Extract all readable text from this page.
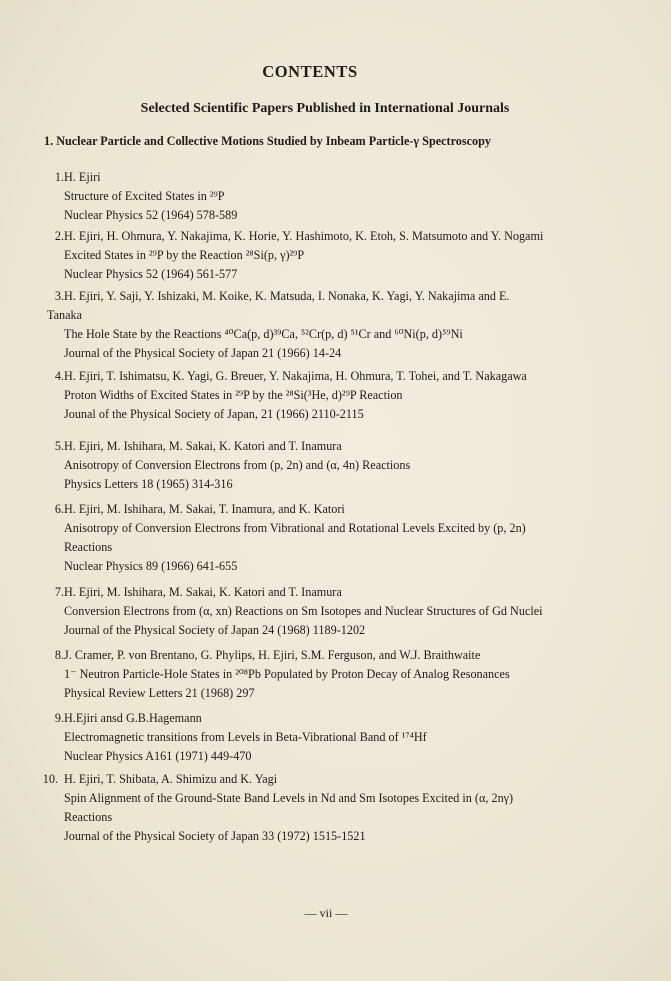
CONTENTS
Selected Scientific Papers Published in International Journals
1. Nuclear Particle and Collective Motions Studied by Inbeam Particle-γ Spectroscopy
1. H. Ejiri
Structure of Excited States in ²⁹P
Nuclear Physics 52 (1964) 578-589
2. H. Ejiri, H. Ohmura, Y. Nakajima, K. Horie, Y. Hashimoto, K. Etoh, S. Matsumoto and Y. Nogami
Excited States in ²⁹P by the Reaction ²⁸Si(p, γ)²⁹P
Nuclear Physics 52 (1964) 561-577
3. H. Ejiri, Y. Saji, Y. Ishizaki, M. Koike, K. Matsuda, I. Nonaka, K. Yagi, Y. Nakajima and E.
Tanaka
The Hole State by the Reactions ⁴⁰Ca(p, d)³⁹Ca, ⁵²Cr(p, d) ⁵¹Cr and ⁶⁰Ni(p, d)⁵⁹Ni
Journal of the Physical Society of Japan 21 (1966) 14-24
4. H. Ejiri, T. Ishimatsu, K. Yagi, G. Breuer, Y. Nakajima, H. Ohmura, T. Tohei, and T. Nakagawa
Proton Widths of Excited States in ²⁹P by the ²⁸Si(³He, d)²⁹P Reaction
Jounal of the Physical Society of Japan, 21 (1966) 2110-2115
5. H. Ejiri, M. Ishihara, M. Sakai, K. Katori and T. Inamura
Anisotropy of Conversion Electrons from (p, 2n) and (α, 4n) Reactions
Physics Letters 18 (1965) 314-316
6. H. Ejiri, M. Ishihara, M. Sakai, T. Inamura, and K. Katori
Anisotropy of Conversion Electrons from Vibrational and Rotational Levels Excited by (p, 2n)
Reactions
Nuclear Physics 89 (1966) 641-655
7. H. Ejiri, M. Ishihara, M. Sakai, K. Katori and T. Inamura
Conversion Electrons from (α, xn) Reactions on Sm Isotopes and Nuclear Structures of Gd Nuclei
Journal of the Physical Society of Japan 24 (1968) 1189-1202
8. J. Cramer, P. von Brentano, G. Phylips, H. Ejiri, S.M. Ferguson, and W.J. Braithwaite
1⁻ Neutron Particle-Hole States in ²⁰⁸Pb Populated by Proton Decay of Analog Resonances
Physical Review Letters 21 (1968) 297
9. H.Ejiri ansd G.B.Hagemann
Electromagnetic transitions from Levels in Beta-Vibrational Band of ¹⁷⁴Hf
Nuclear Physics A161 (1971) 449-470
10. H. Ejiri, T. Shibata, A. Shimizu and K. Yagi
Spin Alignment of the Ground-State Band Levels in Nd and Sm Isotopes Excited in (α, 2nγ)
Reactions
Journal of the Physical Society of Japan 33 (1972) 1515-1521
— vii —
